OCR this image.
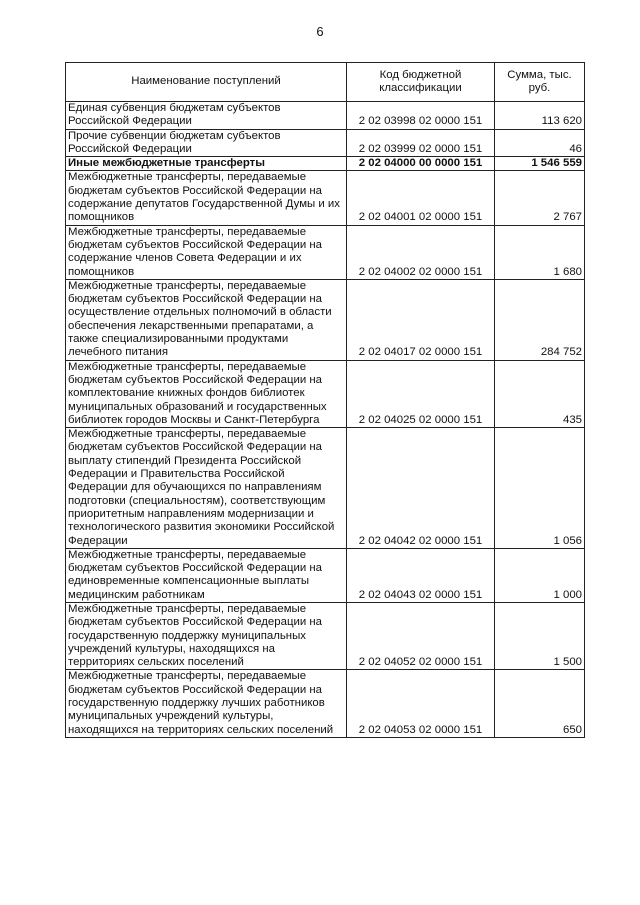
6
Наименование поступлений	Код бюджетной классификации	Сумма, тыс. руб.
Единая субвенция бюджетам субъектов Российской Федерации	2 02 03998 02 0000 151	113 620
Прочие субвенции бюджетам субъектов Российской Федерации	2 02 03999 02 0000 151	46
Иные межбюджетные трансферты	2 02 04000 00 0000 151	1 546 559
Межбюджетные трансферты, передаваемые бюджетам субъектов Российской Федерации на содержание депутатов Государственной Думы и их помощников	2 02 04001 02 0000 151	2 767
Межбюджетные трансферты, передаваемые бюджетам субъектов Российской Федерации на содержание членов Совета Федерации и их помощников	2 02 04002 02 0000 151	1 680
Межбюджетные трансферты, передаваемые бюджетам субъектов Российской Федерации на осуществление отдельных полномочий в области обеспечения лекарственными препаратами, а также специализированными продуктами лечебного питания	2 02 04017 02 0000 151	284 752
Межбюджетные трансферты, передаваемые бюджетам субъектов Российской Федерации на комплектование книжных фондов библиотек муниципальных образований и государственных библиотек городов Москвы и Санкт-Петербурга	2 02 04025 02 0000 151	435
Межбюджетные трансферты, передаваемые бюджетам субъектов Российской Федерации на выплату стипендий Президента Российской Федерации и Правительства Российской Федерации для обучающихся по направлениям подготовки (специальностям), соответствующим приоритетным направлениям модернизации и технологического развития экономики Российской Федерации	2 02 04042 02 0000 151	1 056
Межбюджетные трансферты, передаваемые бюджетам субъектов Российской Федерации на единовременные компенсационные выплаты медицинским работникам	2 02 04043 02 0000 151	1 000
Межбюджетные трансферты, передаваемые бюджетам субъектов Российской Федерации на государственную поддержку муниципальных учреждений культуры, находящихся на территориях сельских поселений	2 02 04052 02 0000 151	1 500
Межбюджетные трансферты, передаваемые бюджетам субъектов Российской Федерации на государственную поддержку лучших работников муниципальных учреждений культуры, находящихся на территориях сельских поселений	2 02 04053 02 0000 151	650
